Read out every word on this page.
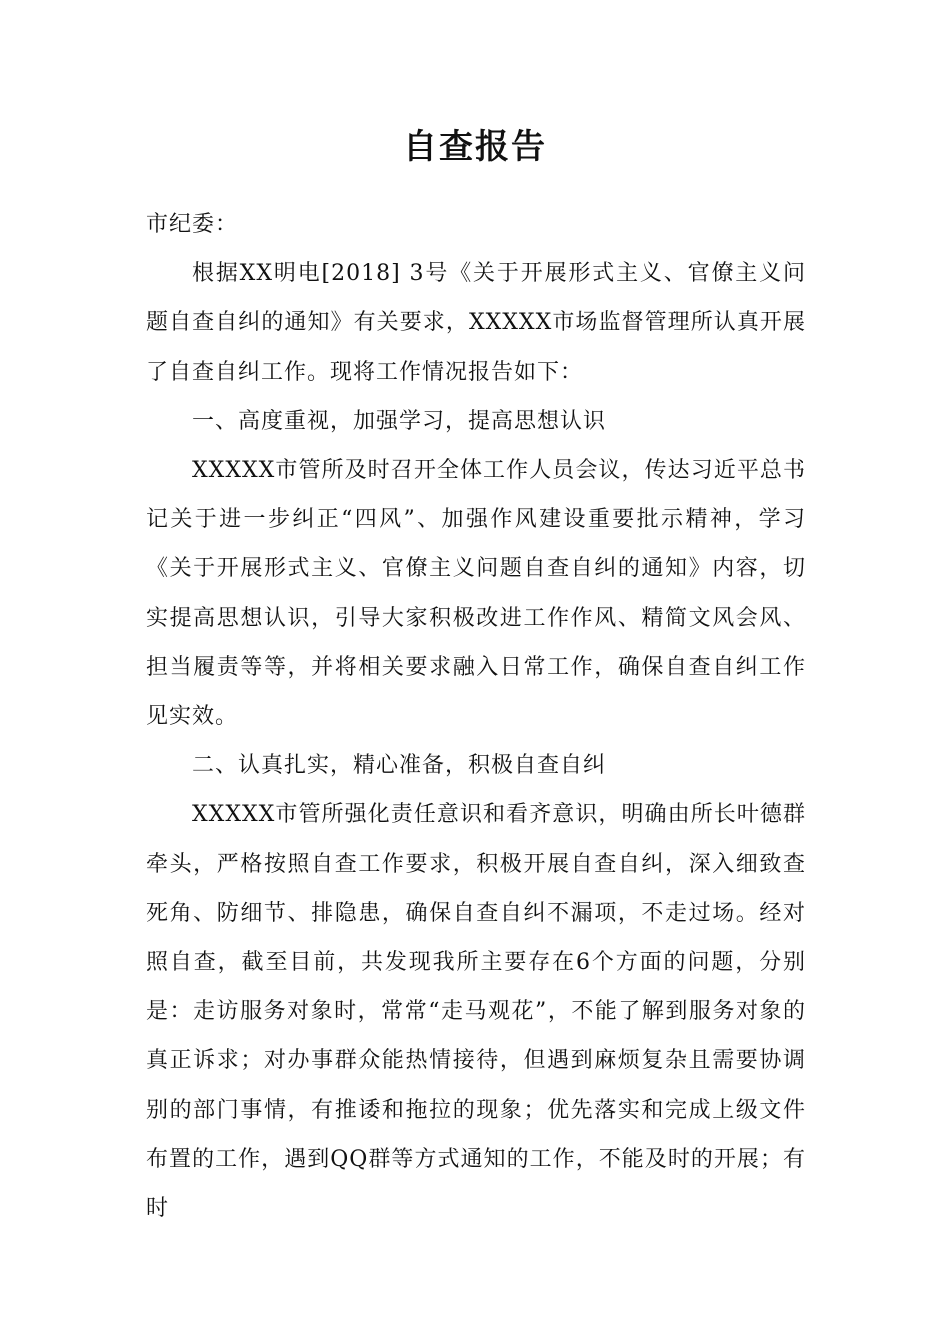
自查报告

市纪委：

根据XX明电[2018] 3号《关于开展形式主义、官僚主义问题自查自纠的通知》有关要求，XXXXX市场监督管理所认真开展了自查自纠工作。现将工作情况报告如下：

一、高度重视，加强学习，提高思想认识

XXXXX市管所及时召开全体工作人员会议，传达习近平总书记关于进一步纠正“四风”、加强作风建设重要批示精神，学习《关于开展形式主义、官僚主义问题自查自纠的通知》内容，切实提高思想认识，引导大家积极改进工作作风、精简文风会风、担当履责等等，并将相关要求融入日常工作，确保自查自纠工作见实效。

二、认真扎实，精心准备，积极自查自纠

XXXXX市管所强化责任意识和看齐意识，明确由所长叶德群牵头，严格按照自查工作要求，积极开展自查自纠，深入细致查死角、防细节、排隐患，确保自查自纠不漏项，不走过场。经对照自查，截至目前，共发现我所主要存在6个方面的问题，分别是：走访服务对象时，常常“走马观花”，不能了解到服务对象的真正诉求；对办事群众能热情接待，但遇到麻烦复杂且需要协调别的部门事情，有推诿和拖拉的现象；优先落实和完成上级文件布置的工作，遇到QQ群等方式通知的工作，不能及时的开展；有时
